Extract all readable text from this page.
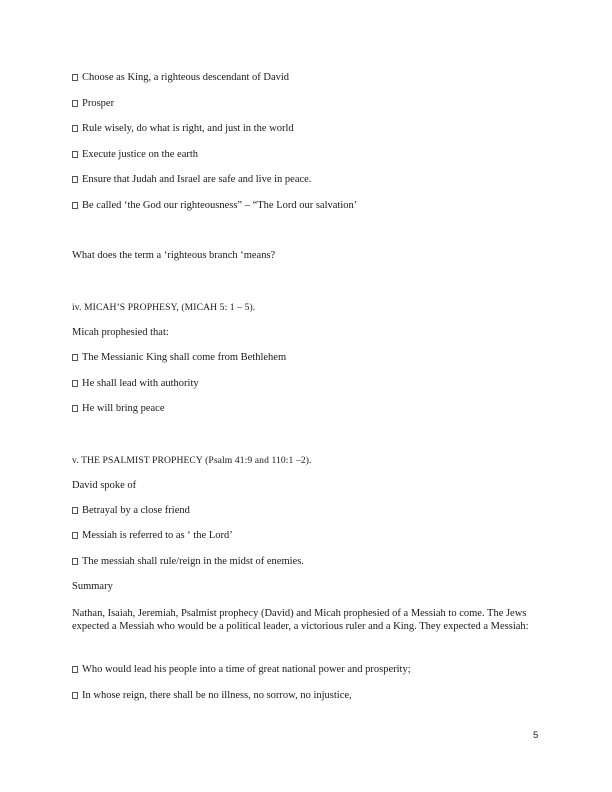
Choose as King, a righteous descendant of David
Prosper
Rule wisely, do what is right, and just in the world
Execute justice on the earth
Ensure that Judah and Israel are safe and live in peace.
Be called ‘the God our righteousness” – “The Lord our salvation’
What does the term a ‘righteous branch ‘means?
iv. MICAH’S PROPHESY, (MICAH 5: 1 – 5).
Micah prophesied that:
The Messianic King shall come from Bethlehem
He shall lead with authority
He will bring peace
v. THE PSALMIST PROPHECY (Psalm 41:9 and 110:1 –2).
David spoke of
Betrayal by a close friend
Messiah is referred to as ‘ the Lord’
The messiah shall rule/reign in the midst of enemies.
Summary
Nathan, Isaiah, Jeremiah, Psalmist prophecy (David) and Micah prophesied of a Messiah to come. The Jews expected a Messiah who would be a political leader, a victorious ruler and a King. They expected a Messiah:
Who would lead his people into a time of great national power and prosperity;
In whose reign, there shall be no illness, no sorrow, no injustice,
5
